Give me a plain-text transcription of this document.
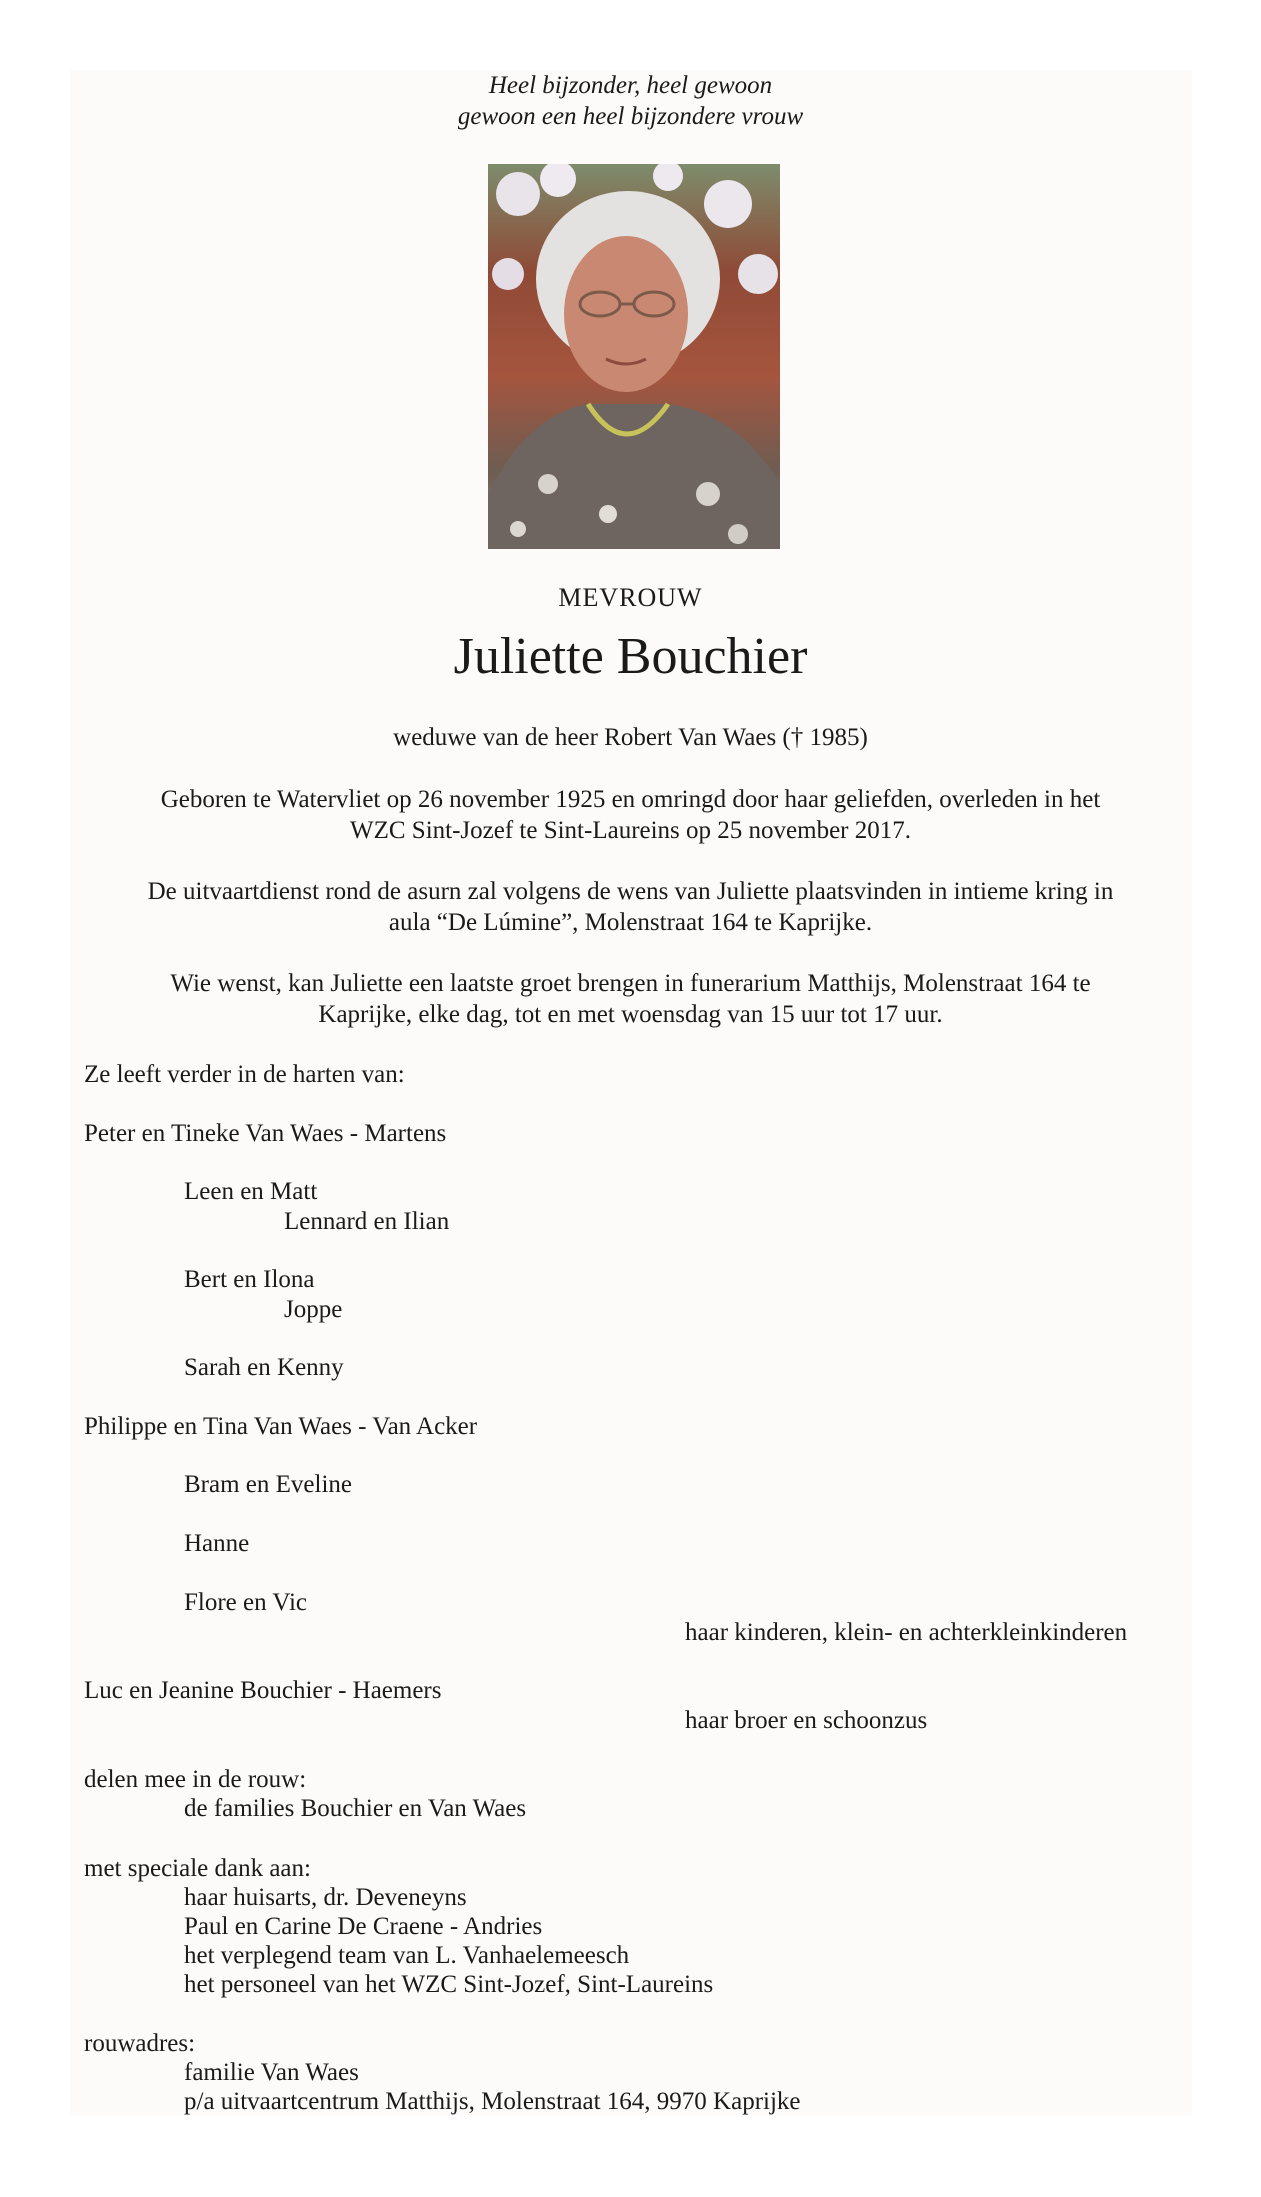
Heel bijzonder, heel gewoon
gewoon een heel bijzondere vrouw
MEVROUW
Juliette Bouchier
weduwe van de heer Robert Van Waes († 1985)
Geboren te Watervliet op 26 november 1925 en omringd door haar geliefden, overleden in het
WZC Sint-Jozef te Sint-Laureins op 25 november 2017.
De uitvaartdienst rond de asurn zal volgens de wens van Juliette plaatsvinden in intieme kring in
aula “De Lúmine”, Molenstraat 164 te Kaprijke.
Wie wenst, kan Juliette een laatste groet brengen in funerarium Matthijs, Molenstraat 164 te
Kaprijke, elke dag, tot en met woensdag van 15 uur tot 17 uur.
Ze leeft verder in de harten van:
Peter en Tineke Van Waes - Martens
Leen en Matt
Lennard en Ilian
Bert en Ilona
Joppe
Sarah en Kenny
Philippe en Tina Van Waes - Van Acker
Bram en Eveline
Hanne
Flore en Vic
haar kinderen, klein- en achterkleinkinderen
Luc en Jeanine Bouchier - Haemers
haar broer en schoonzus
delen mee in de rouw:
de families Bouchier en Van Waes
met speciale dank aan:
haar huisarts, dr. Deveneyns
Paul en Carine De Craene - Andries
het verplegend team van L. Vanhaelemeesch
het personeel van het WZC Sint-Jozef, Sint-Laureins
rouwadres:
familie Van Waes
p/a uitvaartcentrum Matthijs, Molenstraat 164, 9970 Kaprijke
